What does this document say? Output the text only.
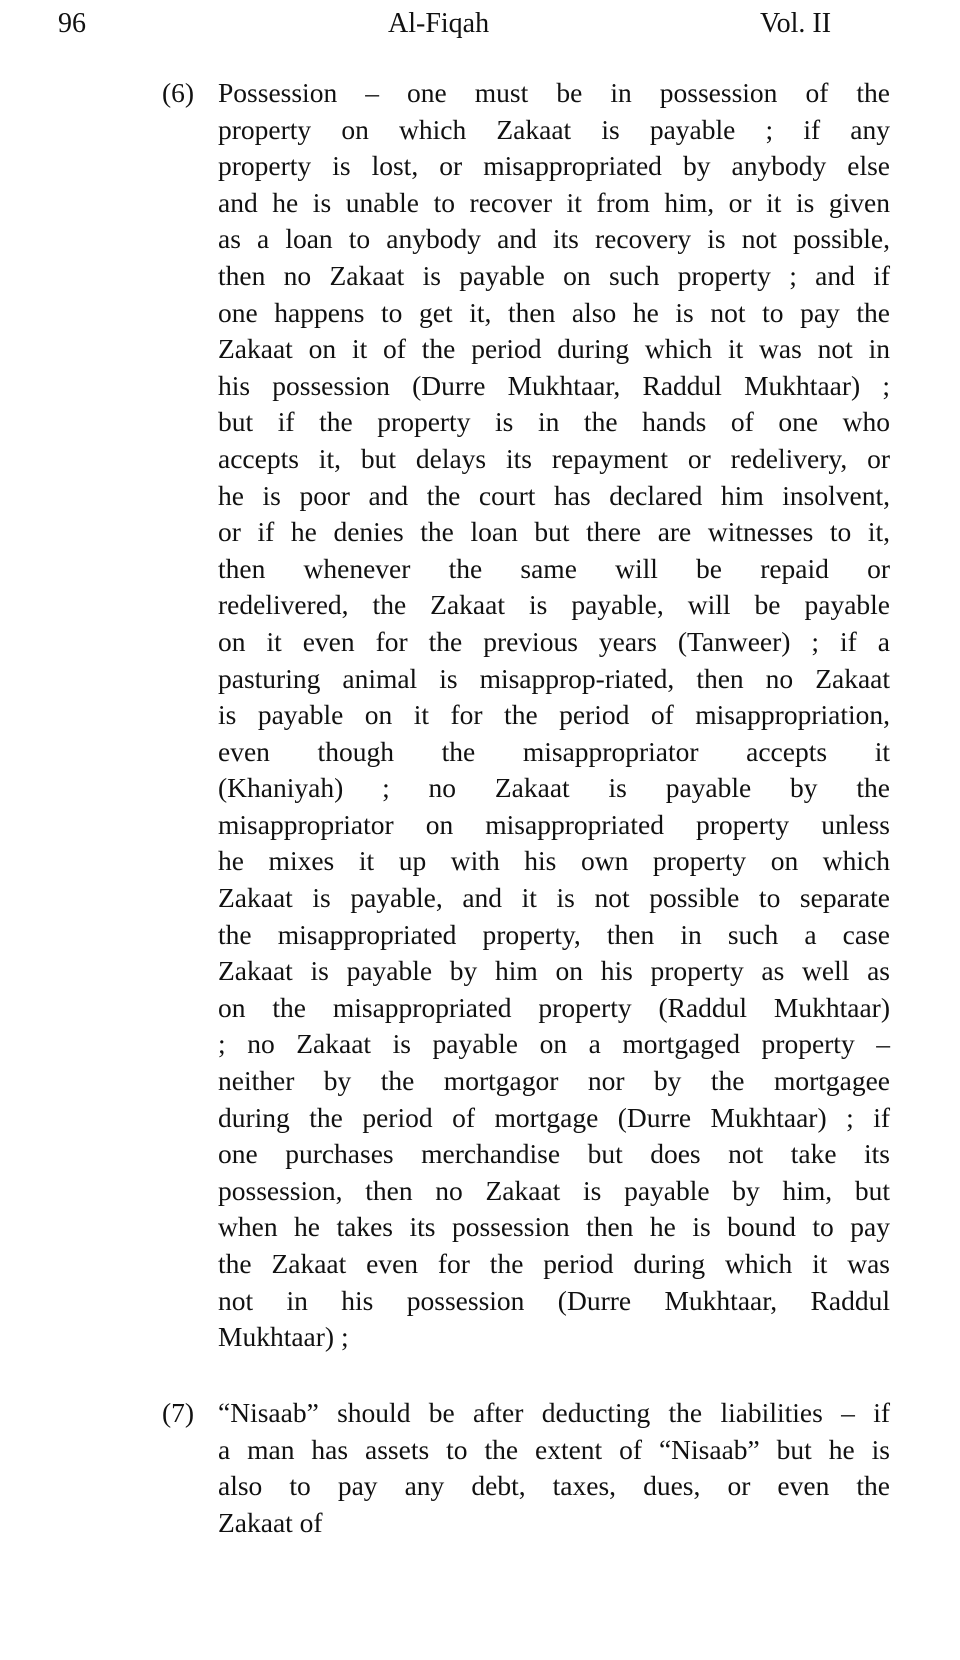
96	Al-Fiqah	Vol. II
(6) Possession – one must be in possession of the
property on which Zakaat is payable ; if any
property is lost, or misappropriated by anybody else
and he is unable to recover it from him, or it is given
as a loan to anybody and its recovery is not possible,
then no Zakaat is payable on such property ; and if
one happens to get it, then also he is not to pay the
Zakaat on it of the period during which it was not in
his possession (Durre Mukhtaar, Raddul Mukhtaar) ;
but if the property is in the hands of one who
accepts it, but delays its repayment or redelivery, or
he is poor and the court has declared him insolvent,
or if he denies the loan but there are witnesses to it,
then whenever the same will be repaid or
redelivered, the Zakaat is payable, will be payable
on it even for the previous years (Tanweer) ; if a
pasturing animal is misapprop-riated, then no Zakaat
is payable on it for the period of misappropriation,
even though the misappropriator accepts it
(Khaniyah) ; no Zakaat is payable by the
misappropriator on misappropriated property unless
he mixes it up with his own property on which
Zakaat is payable, and it is not possible to separate
the misappropriated property, then in such a case
Zakaat is payable by him on his property as well as
on the misappropriated property (Raddul Mukhtaar)
; no Zakaat is payable on a mortgaged property –
neither by the mortgagor nor by the mortgagee
during the period of mortgage (Durre Mukhtaar) ; if
one purchases merchandise but does not take its
possession, then no Zakaat is payable by him, but
when he takes its possession then he is bound to pay
the Zakaat even for the period during which it was
not in his possession (Durre Mukhtaar, Raddul
Mukhtaar) ;
(7) “Nisaab” should be after deducting the liabilities – if
a man has assets to the extent of “Nisaab” but he is
also to pay any debt, taxes, dues, or even the
Zakaat of
